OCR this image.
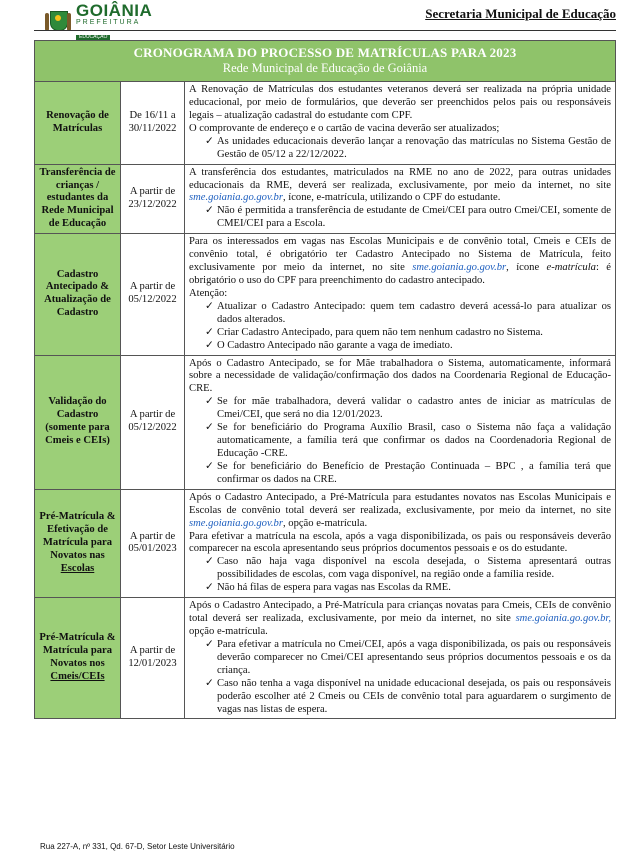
GOIÂNIA
PREFEITURA
EDUCAÇÃO
Secretaria Municipal de Educação
CRONOGRAMA DO PROCESSO DE MATRÍCULAS PARA 2023
Rede Municipal de Educação de Goiânia		

Renovação de Matrículas	De 16/11 a 30/11/2022	A Renovação de Matrículas dos estudantes veteranos deverá ser realizada na própria unidade educacional, por meio de formulários, que deverão ser preenchidos pelos pais ou responsáveis legais – atualização cadastral do estudante com CPF.

O comprovante de endereço e o cartão de vacina deverão ser atualizados;

✓ As unidades educacionais deverão lançar a renovação das matrículas no Sistema Gestão de Gestão de 05/12 a 22/12/2022.

Transferência de crianças / estudantes da Rede Municipal de Educação	A partir de 23/12/2022	A transferência dos estudantes, matriculados na RME no ano de 2022, para outras unidades educacionais da RME, deverá ser realizada, exclusivamente, por meio da internet, no site sme.goiania.go.gov.br, ícone, e-matrícula, utilizando o CPF do estudante.

✓ Não é permitida a transferência de estudante de Cmei/CEI para outro Cmei/CEI, somente de CMEI/CEI para a Escola.

Cadastro Antecipado & Atualização de Cadastro	A partir de 05/12/2022	Para os interessados em vagas nas Escolas Municipais e de convênio total, Cmeis e CEIs de convênio total, é obrigatório ter Cadastro Antecipado no Sistema de Matrícula, feito exclusivamente por meio da internet, no site sme.goiania.go.gov.br, ícone e-matrícula: é obrigatório o uso do CPF para preenchimento do cadastro antecipado.

Atenção:

✓ Atualizar o Cadastro Antecipado: quem tem cadastro deverá acessá-lo para atualizar os dados alterados.

✓ Criar Cadastro Antecipado, para quem não tem nenhum cadastro no Sistema.

✓ O Cadastro Antecipado não garante a vaga de imediato.

Validação do Cadastro (somente para Cmeis e CEIs)	A partir de 05/12/2022	Após o Cadastro Antecipado, se for Mãe trabalhadora o Sistema, automaticamente, informará sobre a necessidade de validação/confirmação dos dados na Coordenaria Regional de Educação- CRE.

✓ Se for mãe trabalhadora, deverá validar o cadastro antes de iniciar as matrículas de Cmei/CEI, que será no dia 12/01/2023.

✓ Se for beneficiário do Programa Auxílio Brasil, caso o Sistema não faça a validação automaticamente, a família terá que confirmar os dados na Coordenadoria Regional de Educação -CRE.

✓ Se for beneficiário do Benefício de Prestação Continuada – BPC , a família terá que confirmar os dados na CRE.

Pré-Matrícula & Efetivação de Matrícula para Novatos nas Escolas	A partir de 05/01/2023	Após o Cadastro Antecipado, a Pré-Matrícula para estudantes novatos nas Escolas Municipais e Escolas de convênio total deverá ser realizada, exclusivamente, por meio da internet, no site sme.goiania.go.gov.br, opção e-matrícula.

Para efetivar a matrícula na escola, após a vaga disponibilizada, os pais ou responsáveis deverão comparecer na escola apresentando seus próprios documentos pessoais e os do estudante.

✓ Caso não haja vaga disponível na escola desejada, o Sistema apresentará outras possibilidades de escolas, com vaga disponível, na região onde a família reside.

✓ Não há filas de espera para vagas nas Escolas da RME.

Pré-Matrícula & Matrícula para Novatos nos Cmeis/CEIs	A partir de 12/01/2023	Após o Cadastro Antecipado, a Pré-Matrícula para crianças novatas para Cmeis, CEIs de convênio total deverá ser realizada, exclusivamente, por meio da internet, no site sme.goiania.go.gov.br, opção e-matrícula.

✓ Para efetivar a matrícula no Cmei/CEI, após a vaga disponibilizada, os pais ou responsáveis deverão comparecer no Cmei/CEI apresentando seus próprios documentos pessoais e os da criança.

✓ Caso não tenha a vaga disponível na unidade educacional desejada, os pais ou responsáveis poderão escolher até 2 Cmeis ou CEIs de convênio total para aguardarem o surgimento de vagas nas listas de espera.

Rua 227-A, nº 331, Qd. 67-D, Setor Leste Universitário
